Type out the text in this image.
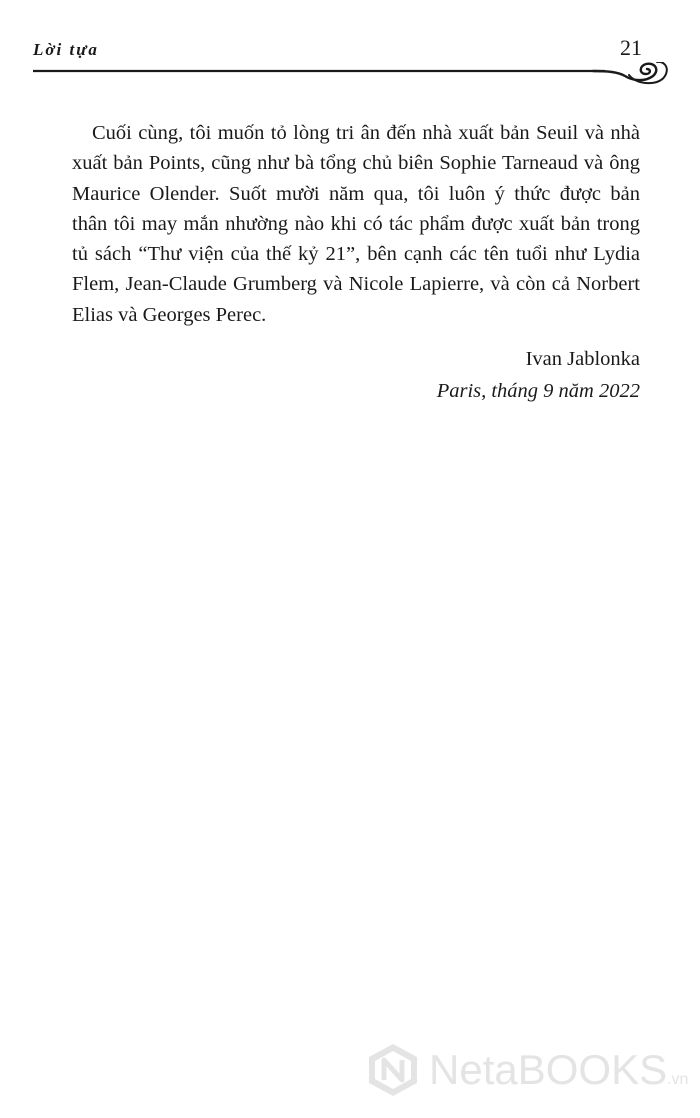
Lời tựa	21
Cuối cùng, tôi muốn tỏ lòng tri ân đến nhà xuất bản Seuil và nhà
xuất bản Points, cũng như bà tổng chủ biên Sophie Tarneaud và ông
Maurice Olender. Suốt mười năm qua, tôi luôn ý thức được bản
thân tôi may mắn nhường nào khi có tác phẩm được xuất bản trong
tủ sách “Thư viện của thế kỷ 21”, bên cạnh các tên tuổi như Lydia
Flem, Jean-Claude Grumberg và Nicole Lapierre, và còn cả Norbert
Elias và Georges Perec.
Ivan Jablonka
Paris, tháng 9 năm 2022
NetaBOOKS.vn
